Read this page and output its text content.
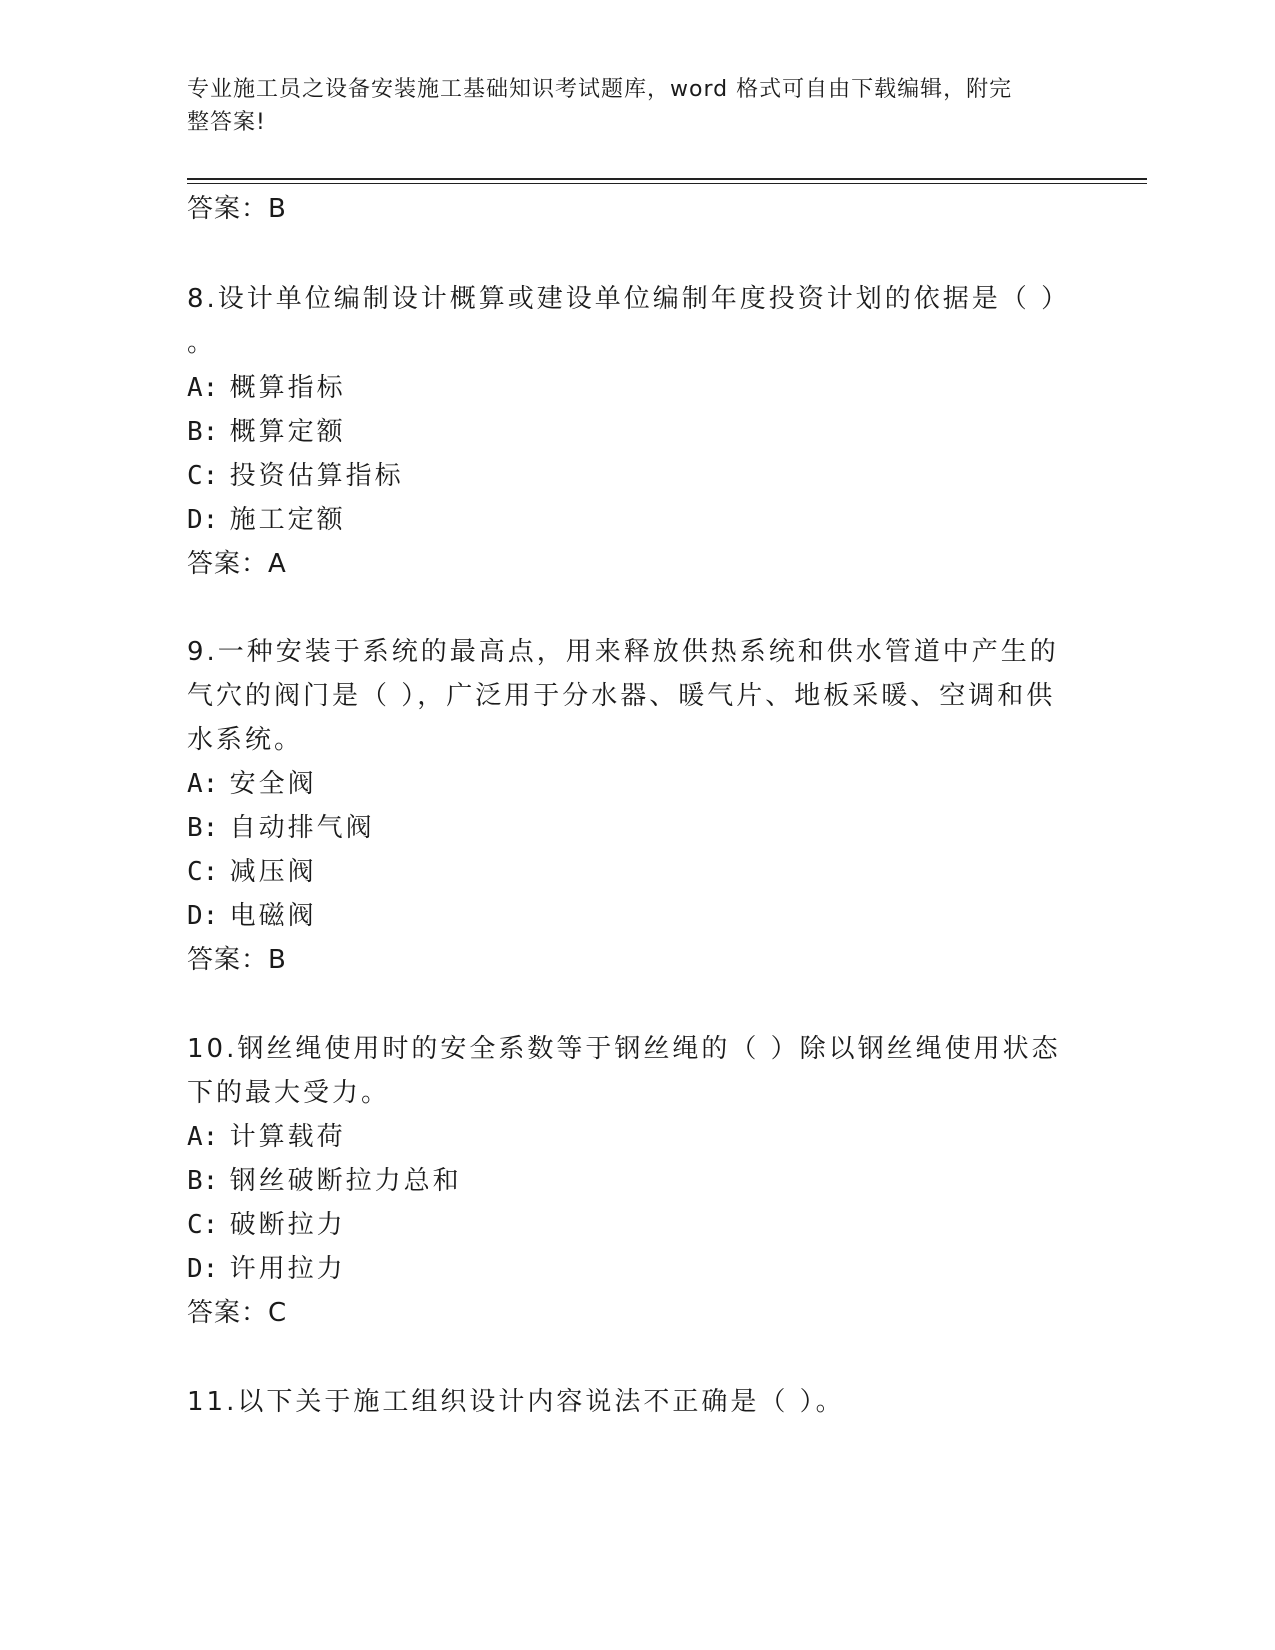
专业施工员之设备安装施工基础知识考试题库，word 格式可自由下载编辑，附完
整答案!
答案：B
8.设计单位编制设计概算或建设单位编制年度投资计划的依据是（ ）
。
A: 概算指标
B: 概算定额
C: 投资估算指标
D: 施工定额
答案：A
9.一种安装于系统的最高点，用来释放供热系统和供水管道中产生的
气穴的阀门是（ ），广泛用于分水器、暖气片、地板采暖、空调和供
水系统。
A: 安全阀
B: 自动排气阀
C: 减压阀
D: 电磁阀
答案：B
10.钢丝绳使用时的安全系数等于钢丝绳的（ ）除以钢丝绳使用状态
下的最大受力。
A: 计算载荷
B: 钢丝破断拉力总和
C: 破断拉力
D: 许用拉力
答案：C
11.以下关于施工组织设计内容说法不正确是（ ）。
